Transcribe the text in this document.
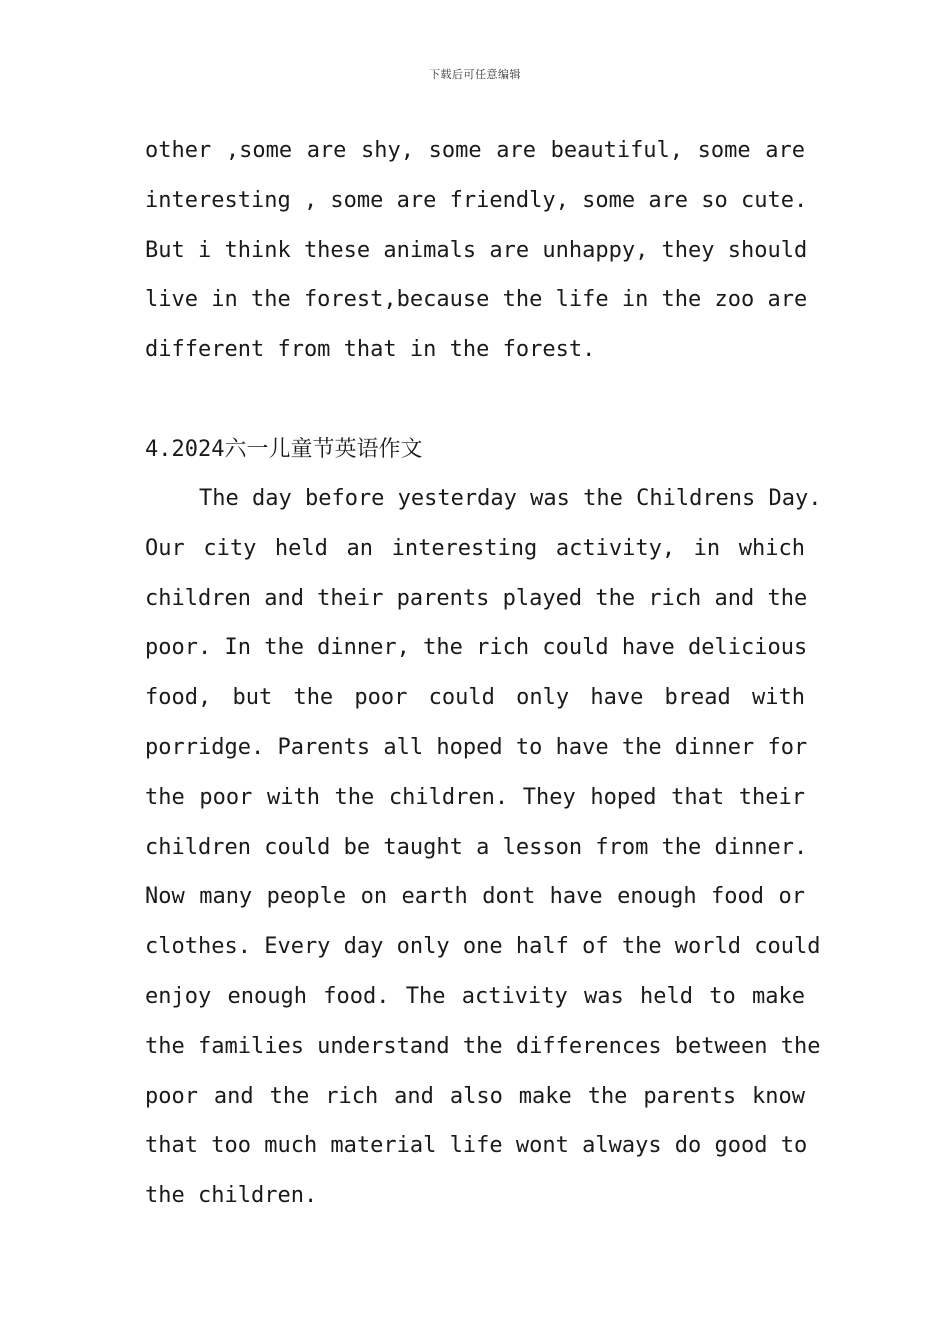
下载后可任意编辑
other ,some are shy, some are beautiful, some are
interesting , some are friendly, some are so cute.
But i think these animals are unhappy, they should
live in the forest,because the life in the zoo are
different from that in the forest.
4.2024六一儿童节英语作文
The day before yesterday was the Childrens Day.
Our city held an interesting activity, in which
children and their parents played the rich and the
poor. In the dinner, the rich could have delicious
food, but the poor could only have bread with
porridge. Parents all hoped to have the dinner for
the poor with the children. They hoped that their
children could be taught a lesson from the dinner.
Now many people on earth dont have enough food or
clothes. Every day only one half of the world could
enjoy enough food. The activity was held to make
the families understand the differences between the
poor and the rich and also make the parents know
that too much material life wont always do good to
the children.
